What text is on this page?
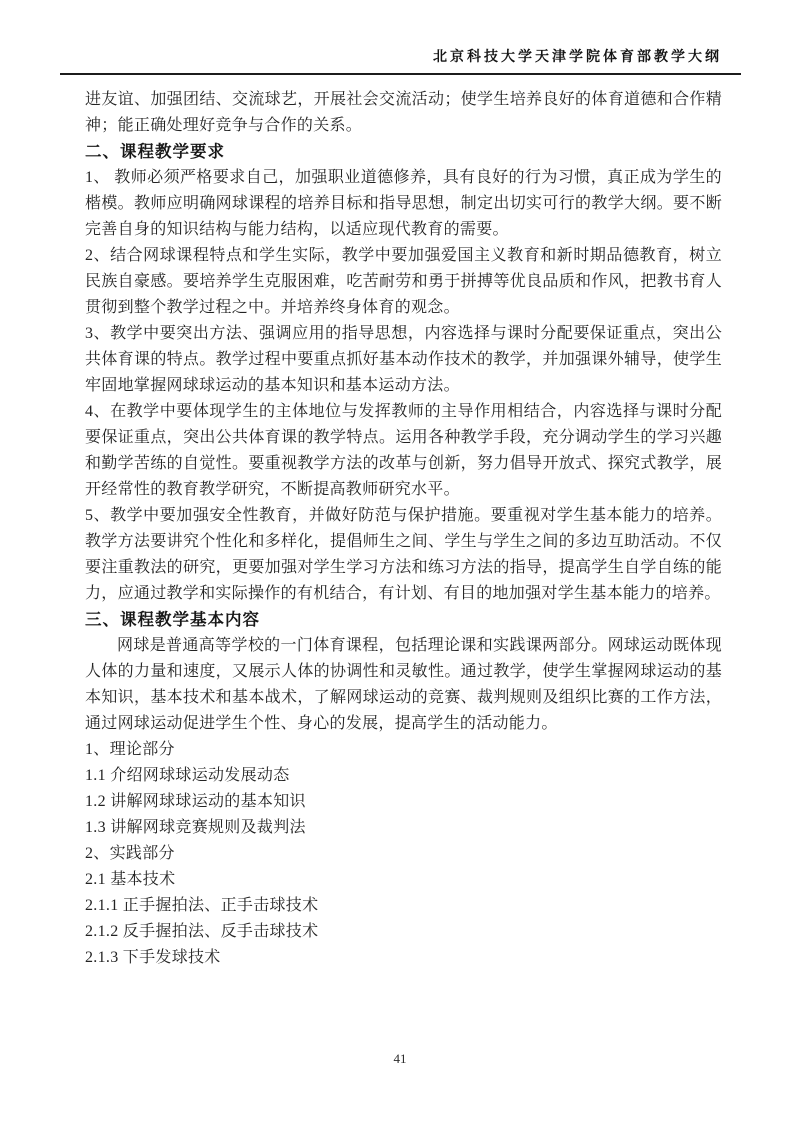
北京科技大学天津学院体育部教学大纲

进友谊、加强团结、交流球艺，开展社会交流活动；使学生培养良好的体育道德和合作精神；能正确处理好竞争与合作的关系。

二、课程教学要求

1、 教师必须严格要求自己，加强职业道德修养，具有良好的行为习惯，真正成为学生的楷模。教师应明确网球课程的培养目标和指导思想，制定出切实可行的教学大纲。要不断完善自身的知识结构与能力结构，以适应现代教育的需要。

2、结合网球课程特点和学生实际，教学中要加强爱国主义教育和新时期品德教育，树立民族自豪感。要培养学生克服困难，吃苦耐劳和勇于拼搏等优良品质和作风，把教书育人贯彻到整个教学过程之中。并培养终身体育的观念。

3、教学中要突出方法、强调应用的指导思想，内容选择与课时分配要保证重点，突出公共体育课的特点。教学过程中要重点抓好基本动作技术的教学，并加强课外辅导，使学生牢固地掌握网球球运动的基本知识和基本运动方法。

4、在教学中要体现学生的主体地位与发挥教师的主导作用相结合，内容选择与课时分配要保证重点，突出公共体育课的教学特点。运用各种教学手段，充分调动学生的学习兴趣和勤学苦练的自觉性。要重视教学方法的改革与创新，努力倡导开放式、探究式教学，展开经常性的教育教学研究，不断提高教师研究水平。

5、教学中要加强安全性教育，并做好防范与保护措施。要重视对学生基本能力的培养。教学方法要讲究个性化和多样化，提倡师生之间、学生与学生之间的多边互助活动。不仅要注重教法的研究，更要加强对学生学习方法和练习方法的指导，提高学生自学自练的能力，应通过教学和实际操作的有机结合，有计划、有目的地加强对学生基本能力的培养。

三、课程教学基本内容

网球是普通高等学校的一门体育课程，包括理论课和实践课两部分。网球运动既体现人体的力量和速度，又展示人体的协调性和灵敏性。通过教学，使学生掌握网球运动的基本知识，基本技术和基本战术，了解网球运动的竞赛、裁判规则及组织比赛的工作方法，通过网球运动促进学生个性、身心的发展，提高学生的活动能力。

1、理论部分

1.1 介绍网球球运动发展动态

1.2 讲解网球球运动的基本知识

1.3 讲解网球竞赛规则及裁判法

2、实践部分

2.1 基本技术

2.1.1 正手握拍法、正手击球技术

2.1.2 反手握拍法、反手击球技术

2.1.3 下手发球技术

41
